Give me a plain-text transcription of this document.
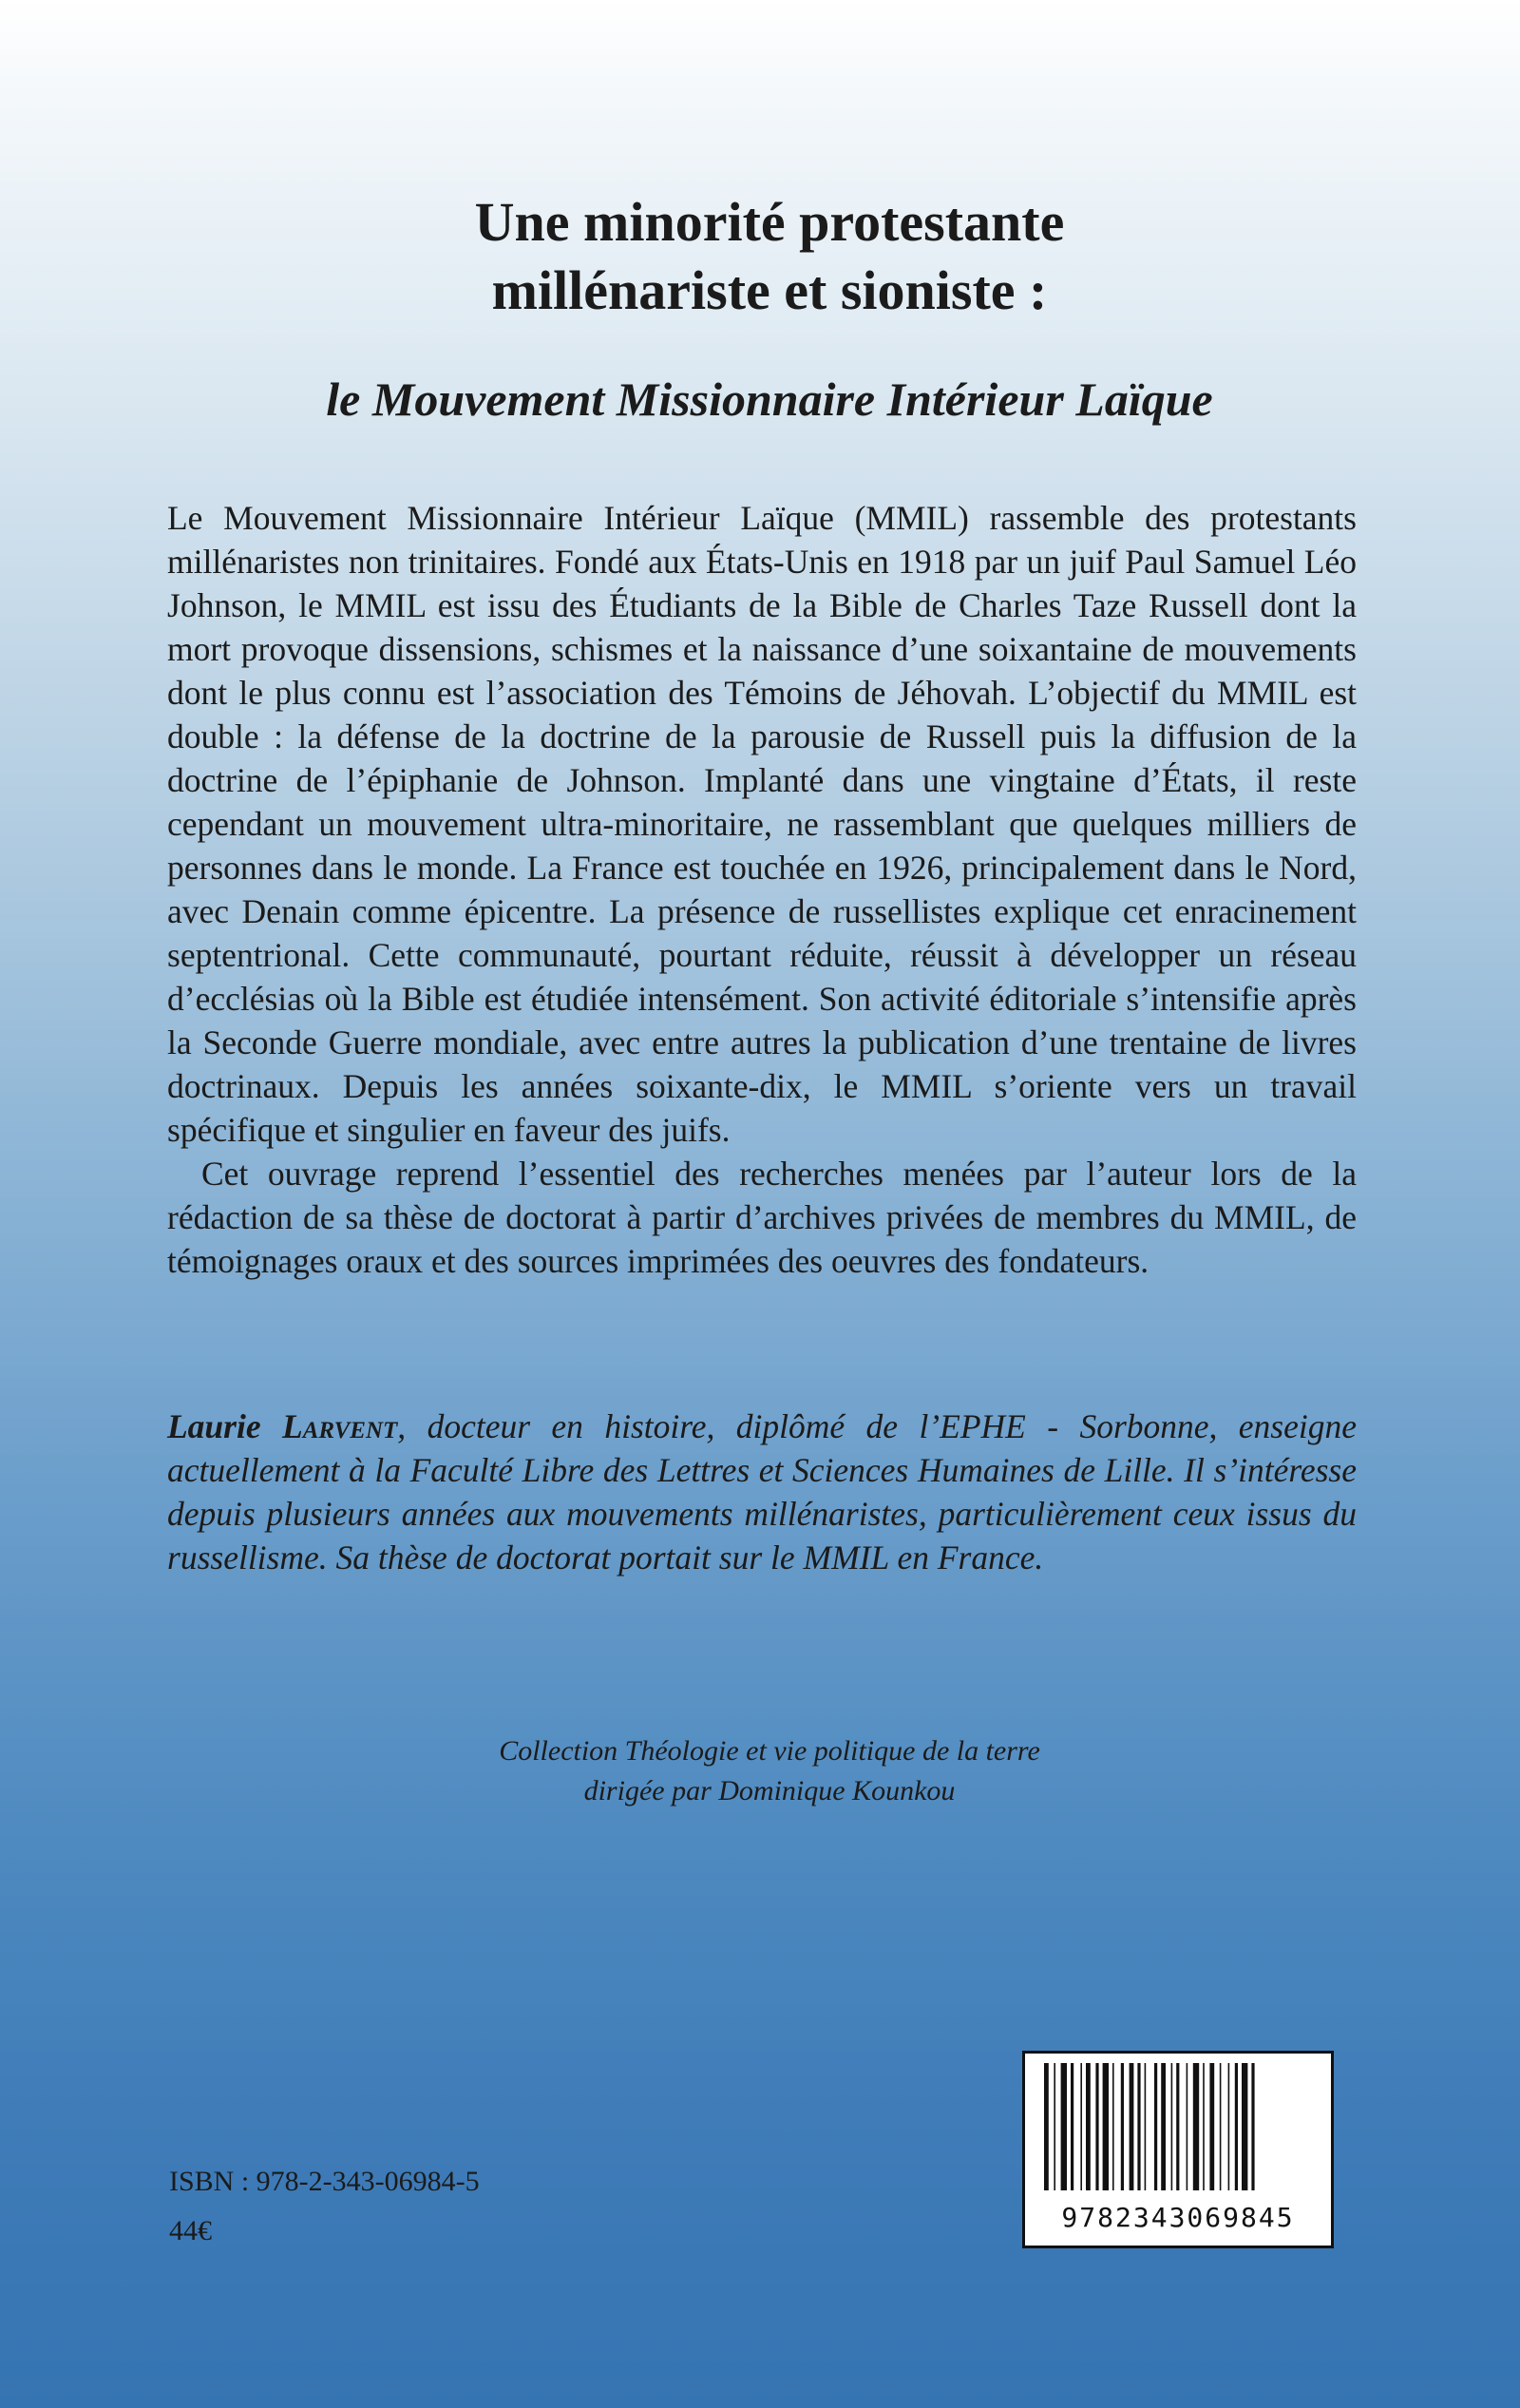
Une minorité protestante
millénariste et sioniste :
le Mouvement Missionnaire Intérieur Laïque

Le Mouvement Missionnaire Intérieur Laïque (MMIL) rassemble des protestants millénaristes non trinitaires. Fondé aux États-Unis en 1918 par un juif Paul Samuel Léo Johnson, le MMIL est issu des Étudiants de la Bible de Charles Taze Russell dont la mort provoque dissensions, schismes et la naissance d’une soixantaine de mouvements dont le plus connu est l’association des Témoins de Jéhovah. L’objectif du MMIL est double : la défense de la doctrine de la parousie de Russell puis la diffusion de la doctrine de l’épiphanie de Johnson. Implanté dans une vingtaine d’États, il reste cependant un mouvement ultra-minoritaire, ne rassemblant que quelques milliers de personnes dans le monde. La France est touchée en 1926, principalement dans le Nord, avec Denain comme épicentre. La présence de russellistes explique cet enracinement septentrional. Cette communauté, pourtant réduite, réussit à développer un réseau d’ecclésias où la Bible est étudiée intensément. Son activité éditoriale s’intensifie après la Seconde Guerre mondiale, avec entre autres la publication d’une trentaine de livres doctrinaux. Depuis les années soixante-dix, le MMIL s’oriente vers un travail spécifique et singulier en faveur des juifs.

Cet ouvrage reprend l’essentiel des recherches menées par l’auteur lors de la rédaction de sa thèse de doctorat à partir d’archives privées de membres du MMIL, de témoignages oraux et des sources imprimées des oeuvres des fondateurs.

Laurie Larvent, docteur en histoire, diplômé de l’EPHE - Sorbonne, enseigne actuellement à la Faculté Libre des Lettres et Sciences Humaines de Lille. Il s’intéresse depuis plusieurs années aux mouvements millénaristes, particulièrement ceux issus du russellisme. Sa thèse de doctorat portait sur le MMIL en France.

Collection Théologie et vie politique de la terre
dirigée par Dominique Kounkou
ISBN : 978-2-343-06984-5
44€	9782343069845
